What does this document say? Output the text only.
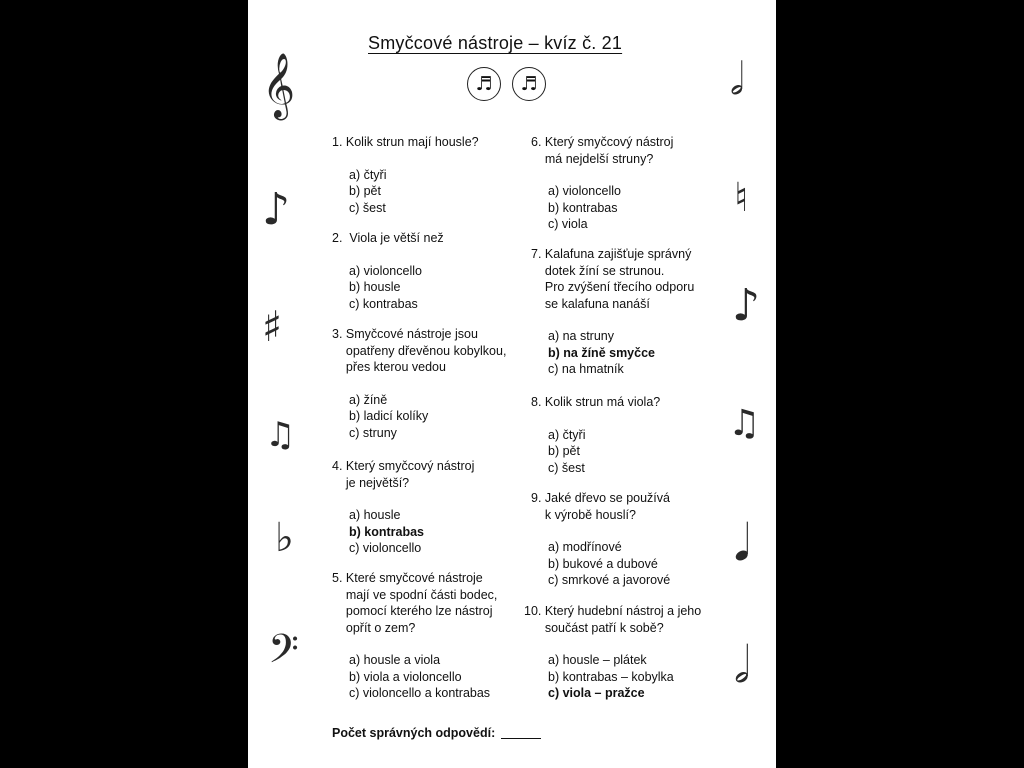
Smyčcové nástroje – kvíz č. 21
♬	♬
𝄞
♪
♯
♫
♭
𝄢
𝅗𝅥
♮
♪
♫
𝅘𝅥
𝅗𝅥
1. Kolik strun mají housle?
a) čtyři
b) pět
c) šest
2.  Viola je větší než
a) violoncello
b) housle
c) kontrabas
3. Smyčcové nástroje jsou
opatřeny dřevěnou kobylkou,
přes kterou vedou
a) žíně
b) ladicí kolíky
c) struny
4. Který smyčcový nástroj
je největší?
a) housle
b) kontrabas
c) violoncello
5. Které smyčcové nástroje
mají ve spodní části bodec,
pomocí kterého lze nástroj
opřít o zem?
a) housle a viola
b) viola a violoncello
c) violoncello a kontrabas
6. Který smyčcový nástroj
má nejdelší struny?
a) violoncello
b) kontrabas
c) viola
7. Kalafuna zajišťuje správný
dotek žíní se strunou.
Pro zvýšení třecího odporu
se kalafuna nanáší
a) na struny
b) na žíně smyčce
c) na hmatník
8. Kolik strun má viola?
a) čtyři
b) pět
c) šest
9. Jaké dřevo se používá
k výrobě houslí?
a) modřínové
b) bukové a dubové
c) smrkové a javorové
10. Který hudební nástroj a jeho
součást patří k sobě?
a) housle – plátek
b) kontrabas – kobylka
c) viola – pražce
Počet správných odpovědí:
